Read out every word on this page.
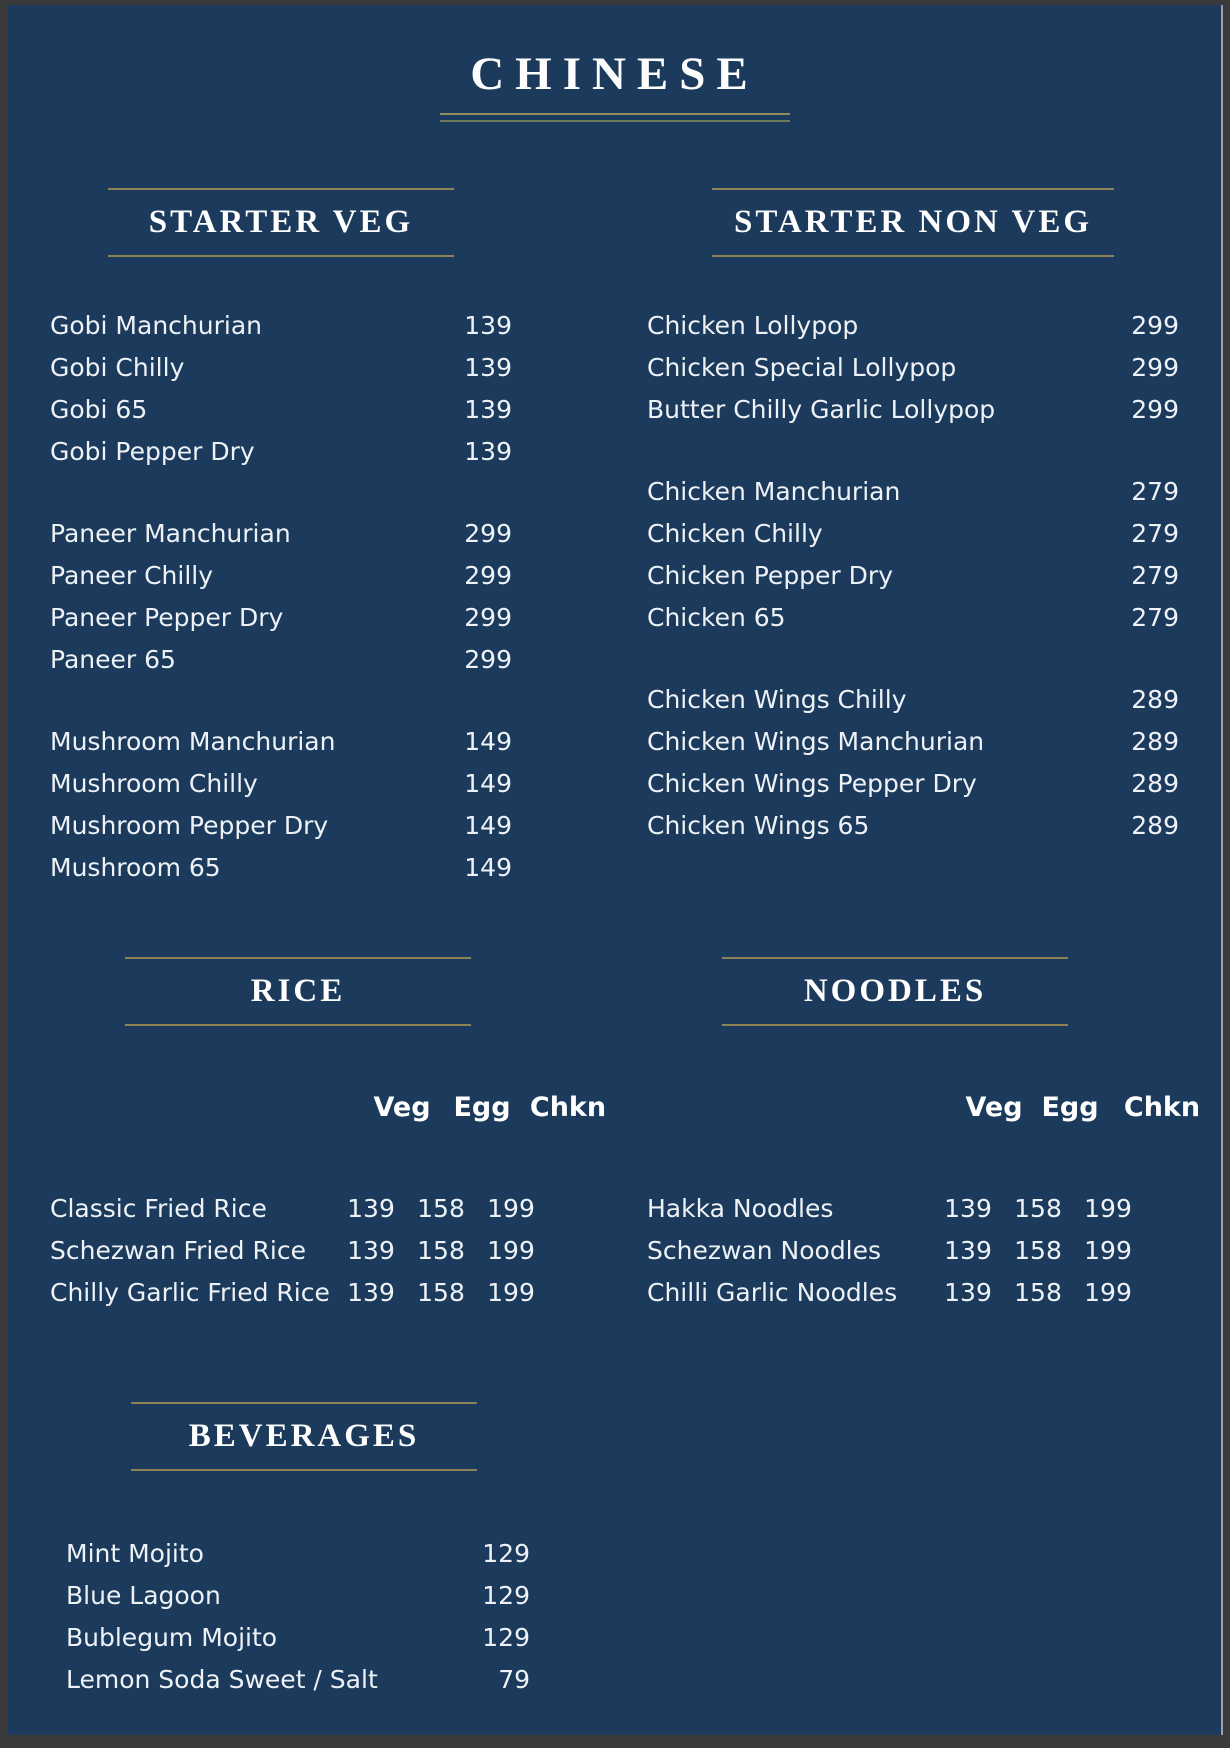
CHINESE
STARTER VEG
Gobi Manchurian	139
Gobi Chilly	139
Gobi 65	139
Gobi Pepper Dry	139
Paneer Manchurian	299
Paneer Chilly	299
Paneer Pepper Dry	299
Paneer 65	299
Mushroom Manchurian	149
Mushroom Chilly	149
Mushroom Pepper Dry	149
Mushroom 65	149
STARTER NON VEG
Chicken Lollypop	299
Chicken Special Lollypop	299
Butter Chilly Garlic Lollypop	299
Chicken Manchurian	279
Chicken Chilly	279
Chicken Pepper Dry	279
Chicken 65	279
Chicken Wings Chilly	289
Chicken Wings Manchurian	289
Chicken Wings Pepper Dry	289
Chicken Wings 65	289
RICE
Veg Egg Chkn
Classic Fried Rice	139 158 199
Schezwan Fried Rice	139 158 199
Chilly Garlic Fried Rice 139 158 199
NOODLES
Veg Egg Chkn
Hakka Noodles	139 158 199
Schezwan Noodles	139 158 199
Chilli Garlic Noodles	139 158 199
BEVERAGES
Mint Mojito	129
Blue Lagoon	129
Bublegum Mojito	129
Lemon Soda Sweet / Salt	79
